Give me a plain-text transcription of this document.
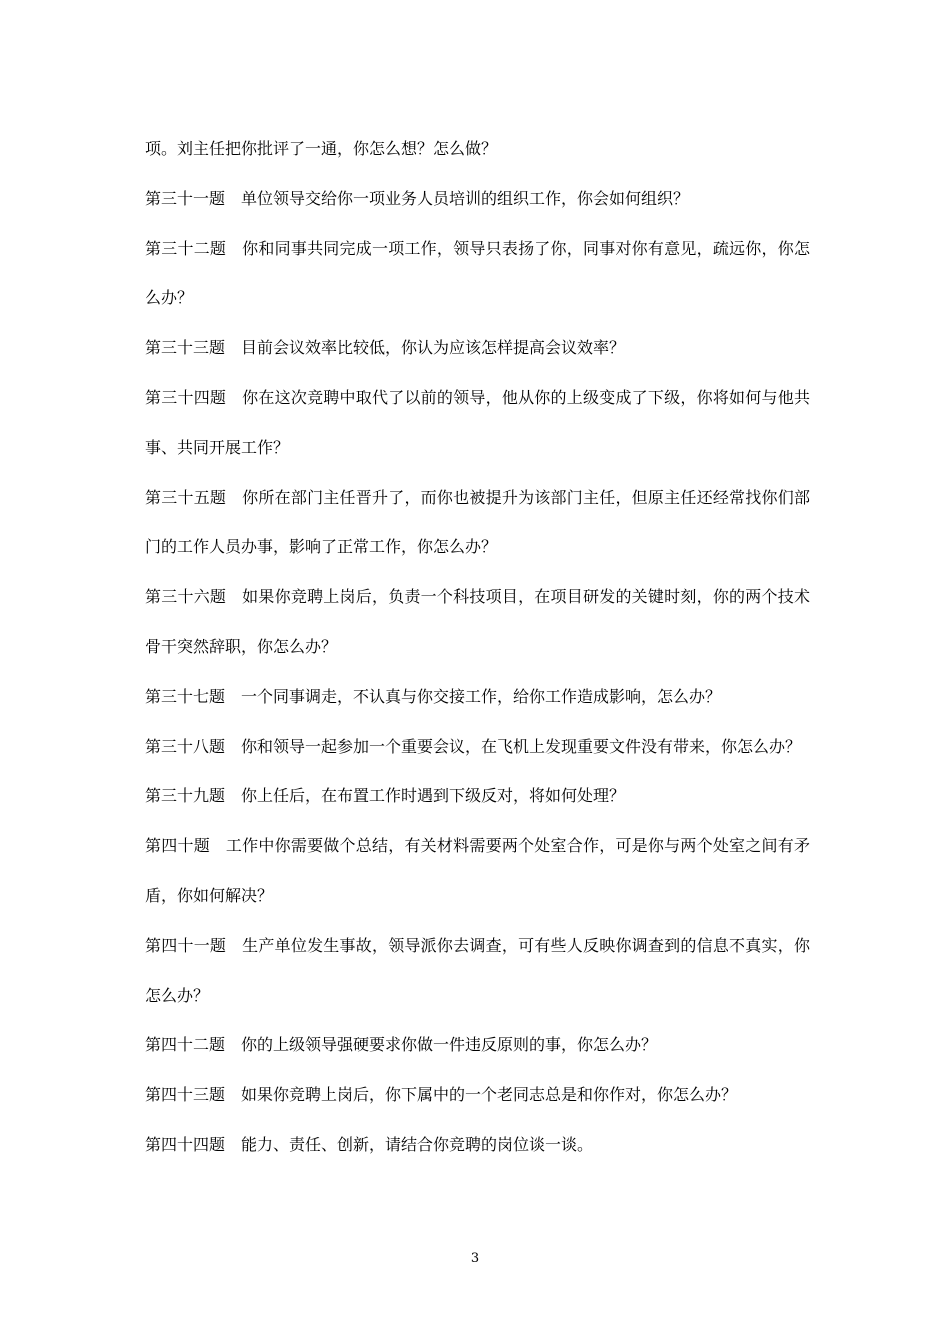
项。刘主任把你批评了一通，你怎么想？怎么做？

第三十一题 单位领导交给你一项业务人员培训的组织工作，你会如何组织？

第三十二题 你和同事共同完成一项工作，领导只表扬了你，同事对你有意见，疏远你，你怎么办？

第三十三题 目前会议效率比较低，你认为应该怎样提高会议效率？

第三十四题 你在这次竞聘中取代了以前的领导，他从你的上级变成了下级，你将如何与他共事、共同开展工作？

第三十五题 你所在部门主任晋升了，而你也被提升为该部门主任，但原主任还经常找你们部门的工作人员办事，影响了正常工作，你怎么办？

第三十六题 如果你竞聘上岗后，负责一个科技项目，在项目研发的关键时刻，你的两个技术骨干突然辞职，你怎么办？

第三十七题 一个同事调走，不认真与你交接工作，给你工作造成影响，怎么办？

第三十八题 你和领导一起参加一个重要会议，在飞机上发现重要文件没有带来，你怎么办？

第三十九题 你上任后，在布置工作时遇到下级反对，将如何处理？

第四十题 工作中你需要做个总结，有关材料需要两个处室合作，可是你与两个处室之间有矛盾，你如何解决？

第四十一题 生产单位发生事故，领导派你去调查，可有些人反映你调查到的信息不真实，你怎么办？

第四十二题 你的上级领导强硬要求你做一件违反原则的事，你怎么办？

第四十三题 如果你竞聘上岗后，你下属中的一个老同志总是和你作对，你怎么办？

第四十四题 能力、责任、创新，请结合你竞聘的岗位谈一谈。

3
